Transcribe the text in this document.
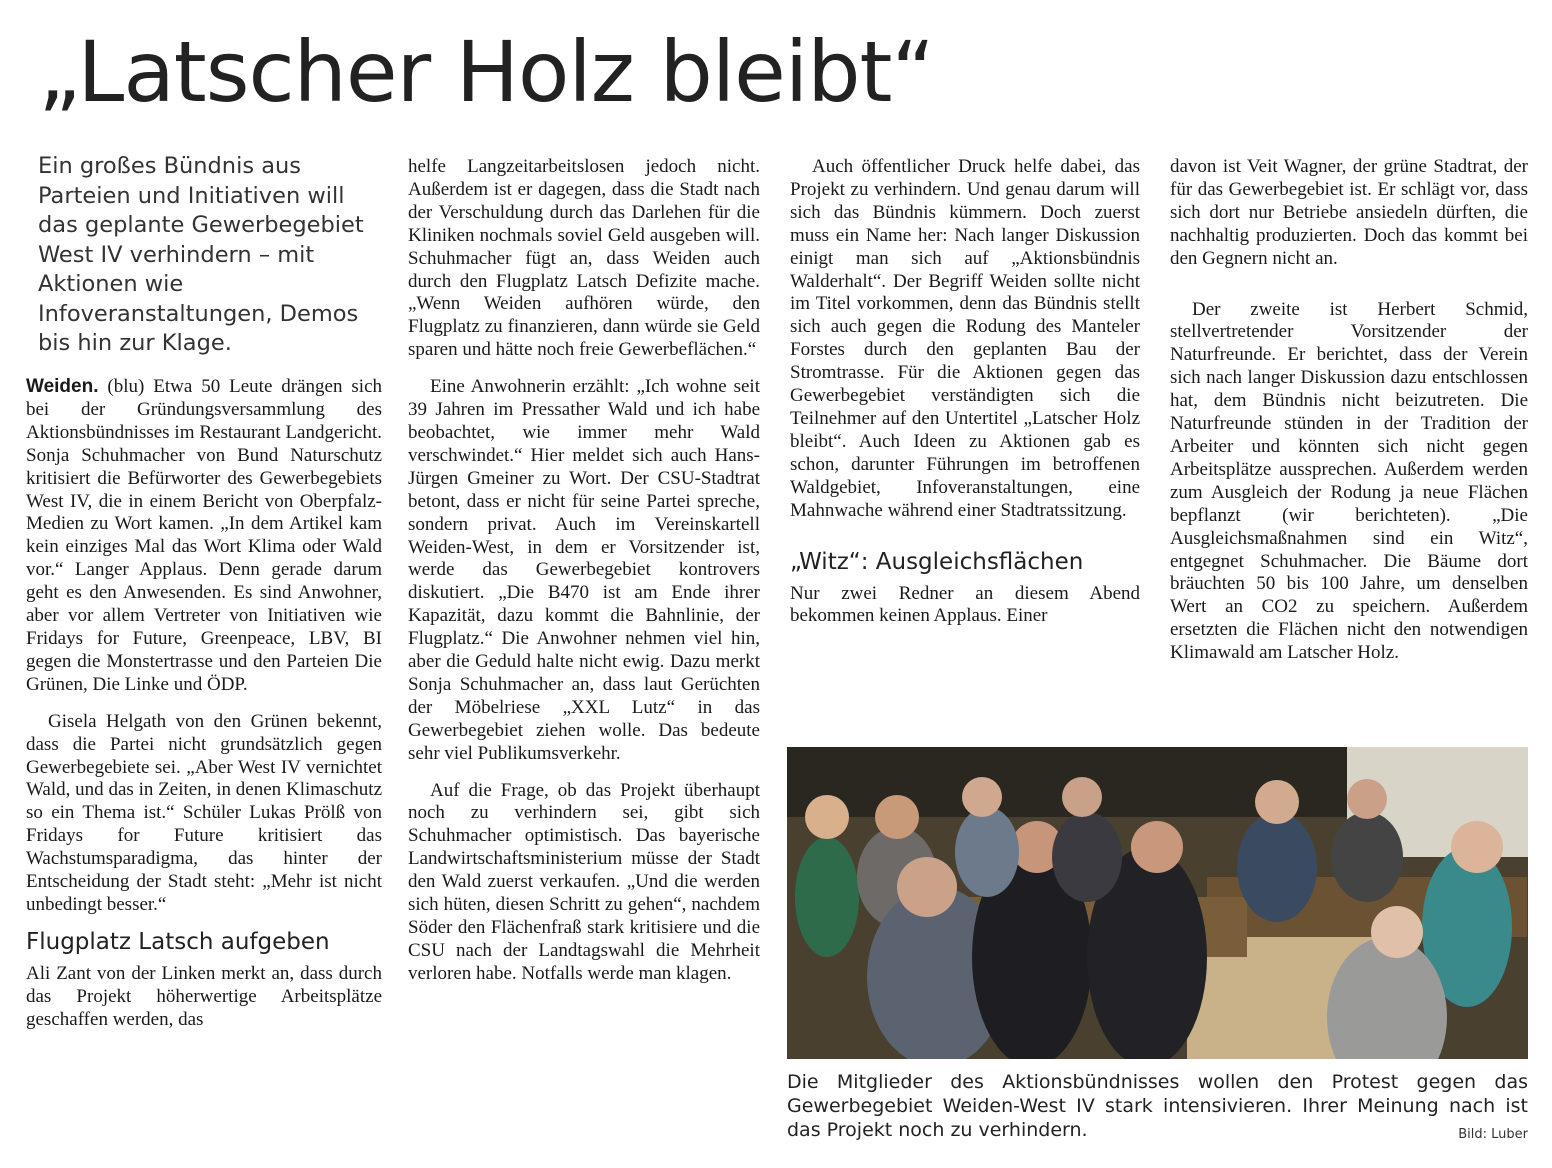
„Latscher Holz bleibt“
Ein großes Bündnis aus Parteien und Initiativen will das geplante Gewerbegebiet West IV verhindern – mit Aktionen wie Infoveranstaltungen, Demos bis hin zur Klage.

Weiden. (blu) Etwa 50 Leute drängen sich bei der Gründungsversammlung des Aktionsbündnisses im Restaurant Landgericht. Sonja Schuhmacher von Bund Naturschutz kritisiert die Befürworter des Gewerbegebiets West IV, die in einem Bericht von Oberpfalz-Medien zu Wort kamen. „In dem Artikel kam kein einziges Mal das Wort Klima oder Wald vor.“ Langer Applaus. Denn gerade darum geht es den Anwesenden. Es sind Anwohner, aber vor allem Vertreter von Initiativen wie Fridays for Future, Greenpeace, LBV, BI gegen die Monstertrasse und den Parteien Die Grünen, Die Linke und ÖDP.

Gisela Helgath von den Grünen bekennt, dass die Partei nicht grundsätzlich gegen Gewerbegebiete sei. „Aber West IV vernichtet Wald, und das in Zeiten, in denen Klimaschutz so ein Thema ist.“ Schüler Lukas Prölß von Fridays for Future kritisiert das Wachstumsparadigma, das hinter der Entscheidung der Stadt steht: „Mehr ist nicht unbedingt besser.“

Flugplatz Latsch aufgeben

Ali Zant von der Linken merkt an, dass durch das Projekt höherwertige Arbeitsplätze geschaffen werden, das

helfe Langzeitarbeitslosen jedoch nicht. Außerdem ist er dagegen, dass die Stadt nach der Verschuldung durch das Darlehen für die Kliniken nochmals soviel Geld ausgeben will. Schuhmacher fügt an, dass Weiden auch durch den Flugplatz Latsch Defizite mache. „Wenn Weiden aufhören würde, den Flugplatz zu finanzieren, dann würde sie Geld sparen und hätte noch freie Gewerbeflächen.“

Eine Anwohnerin erzählt: „Ich wohne seit 39 Jahren im Pressather Wald und ich habe beobachtet, wie immer mehr Wald verschwindet.“ Hier meldet sich auch Hans-Jürgen Gmeiner zu Wort. Der CSU-Stadtrat betont, dass er nicht für seine Partei spreche, sondern privat. Auch im Vereinskartell Weiden-West, in dem er Vorsitzender ist, werde das Gewerbegebiet kontrovers diskutiert. „Die B470 ist am Ende ihrer Kapazität, dazu kommt die Bahnlinie, der Flugplatz.“ Die Anwohner nehmen viel hin, aber die Geduld halte nicht ewig. Dazu merkt Sonja Schuhmacher an, dass laut Gerüchten der Möbelriese „XXL Lutz“ in das Gewerbegebiet ziehen wolle. Das bedeute sehr viel Publikumsverkehr.

Auf die Frage, ob das Projekt überhaupt noch zu verhindern sei, gibt sich Schuhmacher optimistisch. Das bayerische Landwirtschaftsministerium müsse der Stadt den Wald zuerst verkaufen. „Und die werden sich hüten, diesen Schritt zu gehen“, nachdem Söder den Flächenfraß stark kritisiere und die CSU nach der Landtagswahl die Mehrheit verloren habe. Notfalls werde man klagen.

Auch öffentlicher Druck helfe dabei, das Projekt zu verhindern. Und genau darum will sich das Bündnis kümmern. Doch zuerst muss ein Name her: Nach langer Diskussion einigt man sich auf „Aktionsbündnis Walderhalt“. Der Begriff Weiden sollte nicht im Titel vorkommen, denn das Bündnis stellt sich auch gegen die Rodung des Manteler Forstes durch den geplanten Bau der Stromtrasse. Für die Aktionen gegen das Gewerbegebiet verständigten sich die Teilnehmer auf den Untertitel „Latscher Holz bleibt“. Auch Ideen zu Aktionen gab es schon, darunter Führungen im betroffenen Waldgebiet, Infoveranstaltungen, eine Mahnwache während einer Stadtratssitzung.

„Witz“: Ausgleichsflächen

Nur zwei Redner an diesem Abend bekommen keinen Applaus. Einer

davon ist Veit Wagner, der grüne Stadtrat, der für das Gewerbegebiet ist. Er schlägt vor, dass sich dort nur Betriebe ansiedeln dürften, die nachhaltig produzierten. Doch das kommt bei den Gegnern nicht an.

Der zweite ist Herbert Schmid, stellvertretender Vorsitzender der Naturfreunde. Er berichtet, dass der Verein sich nach langer Diskussion dazu entschlossen hat, dem Bündnis nicht beizutreten. Die Naturfreunde stünden in der Tradition der Arbeiter und könnten sich nicht gegen Arbeitsplätze aussprechen. Außerdem werden zum Ausgleich der Rodung ja neue Flächen bepflanzt (wir berichteten). „Die Ausgleichsmaßnahmen sind ein Witz“, entgegnet Schuhmacher. Die Bäume dort bräuchten 50 bis 100 Jahre, um denselben Wert an CO2 zu speichern. Außerdem ersetzten die Flächen nicht den notwendigen Klimawald am Latscher Holz.

Die Mitglieder des Aktionsbündnisses wollen den Protest gegen das Gewerbegebiet Weiden-West IV stark intensivieren. Ihrer Meinung nach ist das Projekt noch zu verhindern.	Bild: Luber
